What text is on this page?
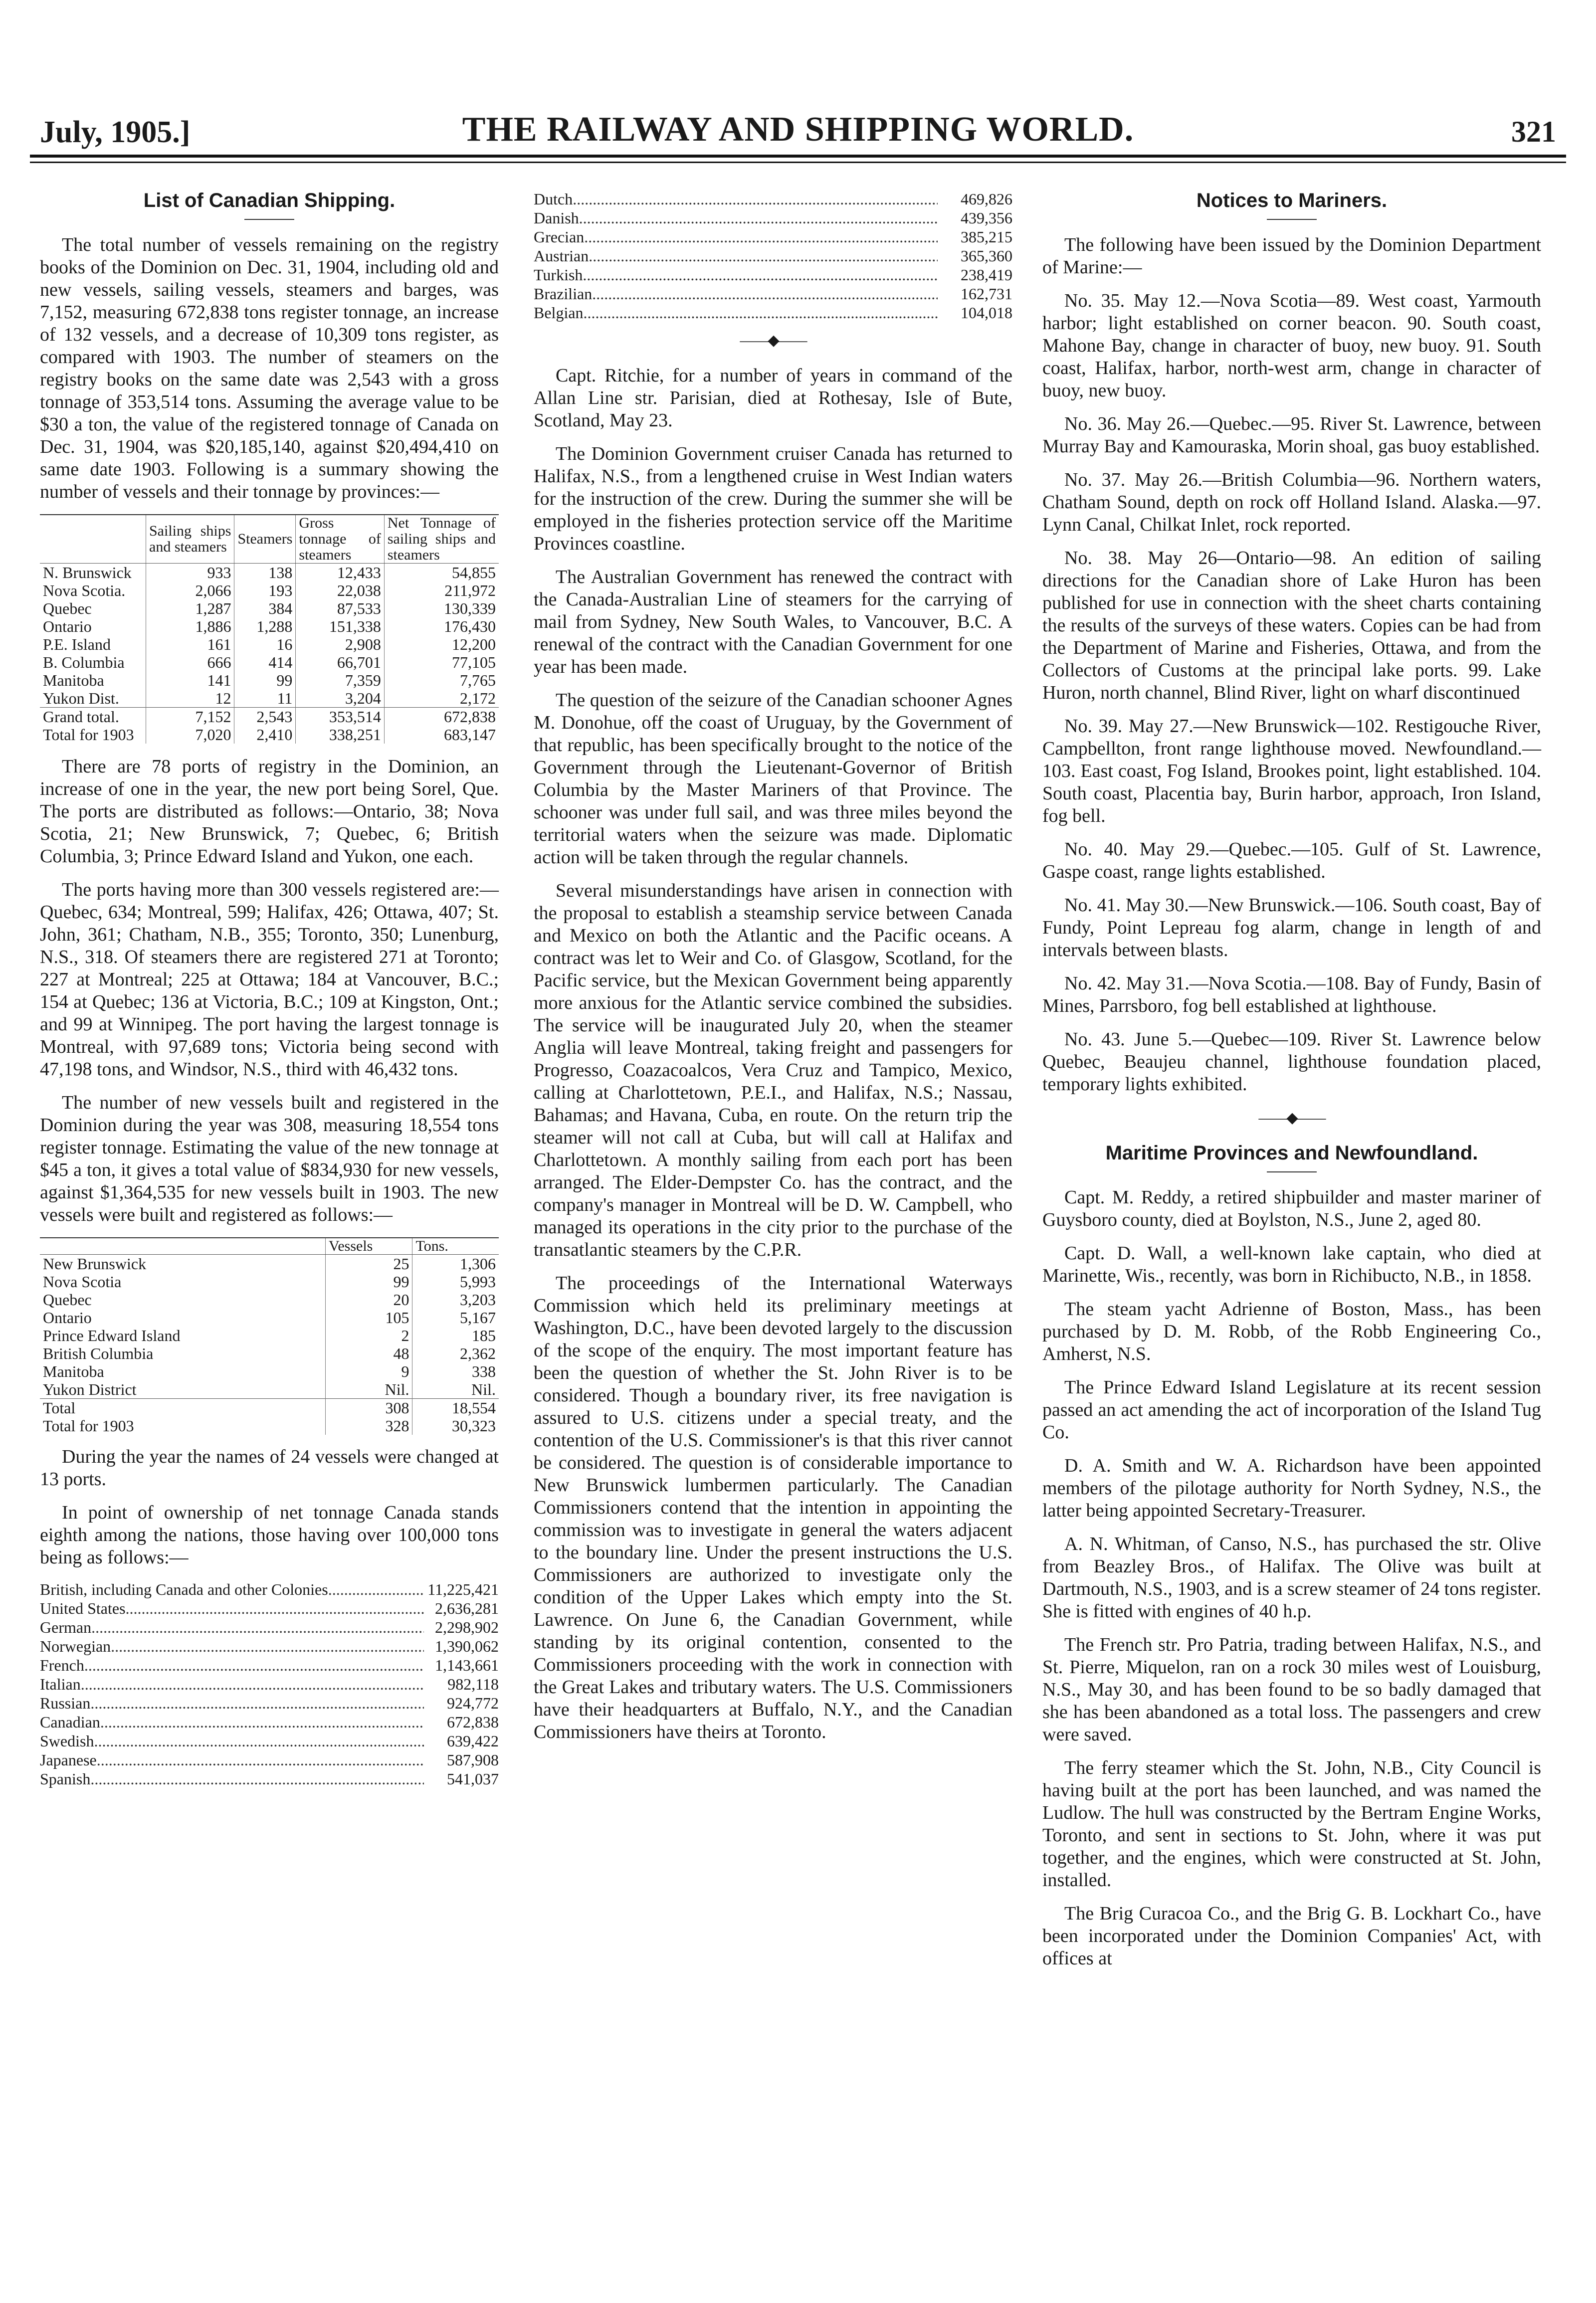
July, 1905.]	THE RAILWAY AND SHIPPING WORLD.	321
List of Canadian Shipping.

The total number of vessels remaining on the registry books of the Dominion on Dec. 31, 1904, including old and new vessels, sailing vessels, steamers and barges, was 7,152, measuring 672,838 tons register tonnage, an increase of 132 vessels, and a decrease of 10,309 tons register, as compared with 1903. The number of steamers on the registry books on the same date was 2,543 with a gross tonnage of 353,514 tons. Assuming the average value to be $30 a ton, the value of the registered tonnage of Canada on Dec. 31, 1904, was $20,185,140, against $20,494,410 on same date 1903. Following is a summary showing the number of vessels and their tonnage by provinces:—

	Sailing ships and steamers	Steamers	Gross tonnage of steamers	Net Tonnage of sailing ships and steamers
N. Brunswick	933	138	12,433	54,855
Nova Scotia.	2,066	193	22,038	211,972
Quebec	1,287	384	87,533	130,339
Ontario	1,886	1,288	151,338	176,430
P.E. Island	161	16	2,908	12,200
B. Columbia	666	414	66,701	77,105
Manitoba	141	99	7,359	7,765
Yukon Dist.	12	11	3,204	2,172
Grand total.	7,152	2,543	353,514	672,838
Total for 1903	7,020	2,410	338,251	683,147

There are 78 ports of registry in the Dominion, an increase of one in the year, the new port being Sorel, Que. The ports are distributed as follows:—Ontario, 38; Nova Scotia, 21; New Brunswick, 7; Quebec, 6; British Columbia, 3; Prince Edward Island and Yukon, one each.

The ports having more than 300 vessels registered are:—Quebec, 634; Montreal, 599; Halifax, 426; Ottawa, 407; St. John, 361; Chatham, N.B., 355; Toronto, 350; Lunenburg, N.S., 318. Of steamers there are registered 271 at Toronto; 227 at Montreal; 225 at Ottawa; 184 at Vancouver, B.C.; 154 at Quebec; 136 at Victoria, B.C.; 109 at Kingston, Ont.; and 99 at Winnipeg. The port having the largest tonnage is Montreal, with 97,689 tons; Victoria being second with 47,198 tons, and Windsor, N.S., third with 46,432 tons.

The number of new vessels built and registered in the Dominion during the year was 308, measuring 18,554 tons register tonnage. Estimating the value of the new tonnage at $45 a ton, it gives a total value of $834,930 for new vessels, against $1,364,535 for new vessels built in 1903. The new vessels were built and registered as follows:—

	Vessels	Tons.
New Brunswick	25	1,306
Nova Scotia	99	5,993
Quebec	20	3,203
Ontario	105	5,167
Prince Edward Island	2	185
British Columbia	48	2,362
Manitoba	9	338
Yukon District	Nil.	Nil.
Total	308	18,554
Total for 1903	328	30,323

During the year the names of 24 vessels were changed at 13 ports.

In point of ownership of net tonnage Canada stands eighth among the nations, those having over 100,000 tons being as follows:—

British, including Canada and other Colonies .....	11,225,421
United States .....	2,636,281
German .....	2,298,902
Norwegian .....	1,390,062
French .....	1,143,661
Italian .....	982,118
Russian .....	924,772
Canadian .....	672,838
Swedish .....	639,422
Japanese .....	587,908
Spanish .....	541,037
Dutch .....	469,826
Danish .....	439,356
Grecian .....	385,215
Austrian .....	365,360
Turkish .....	238,419
Brazilian .....	162,731
Belgian .....	104,018
——◆——

Capt. Ritchie, for a number of years in command of the Allan Line str. Parisian, died at Rothesay, Isle of Bute, Scotland, May 23.

The Dominion Government cruiser Canada has returned to Halifax, N.S., from a lengthened cruise in West Indian waters for the instruction of the crew. During the summer she will be employed in the fisheries protection service off the Maritime Provinces coastline.

The Australian Government has renewed the contract with the Canada-Australian Line of steamers for the carrying of mail from Sydney, New South Wales, to Vancouver, B.C. A renewal of the contract with the Canadian Government for one year has been made.

The question of the seizure of the Canadian schooner Agnes M. Donohue, off the coast of Uruguay, by the Government of that republic, has been specifically brought to the notice of the Government through the Lieutenant-Governor of British Columbia by the Master Mariners of that Province. The schooner was under full sail, and was three miles beyond the territorial waters when the seizure was made. Diplomatic action will be taken through the regular channels.

Several misunderstandings have arisen in connection with the proposal to establish a steamship service between Canada and Mexico on both the Atlantic and the Pacific oceans. A contract was let to Weir and Co. of Glasgow, Scotland, for the Pacific service, but the Mexican Government being apparently more anxious for the Atlantic service combined the subsidies. The service will be inaugurated July 20, when the steamer Anglia will leave Montreal, taking freight and passengers for Progresso, Coazacoalcos, Vera Cruz and Tampico, Mexico, calling at Charlottetown, P.E.I., and Halifax, N.S.; Nassau, Bahamas; and Havana, Cuba, en route. On the return trip the steamer will not call at Cuba, but will call at Halifax and Charlottetown. A monthly sailing from each port has been arranged. The Elder-Dempster Co. has the contract, and the company's manager in Montreal will be D. W. Campbell, who managed its operations in the city prior to the purchase of the transatlantic steamers by the C.P.R.

The proceedings of the International Waterways Commission which held its preliminary meetings at Washington, D.C., have been devoted largely to the discussion of the scope of the enquiry. The most important feature has been the question of whether the St. John River is to be considered. Though a boundary river, its free navigation is assured to U.S. citizens under a special treaty, and the contention of the U.S. Commissioner's is that this river cannot be considered. The question is of considerable importance to New Brunswick lumbermen particularly. The Canadian Commissioners contend that the intention in appointing the commission was to investigate in general the waters adjacent to the boundary line. Under the present instructions the U.S. Commissioners are authorized to investigate only the condition of the Upper Lakes which empty into the St. Lawrence. On June 6, the Canadian Government, while standing by its original contention, consented to the Commissioners proceeding with the work in connection with the Great Lakes and tributary waters. The U.S. Commissioners have their headquarters at Buffalo, N.Y., and the Canadian Commissioners have theirs at Toronto.

Notices to Mariners.

The following have been issued by the Dominion Department of Marine:—

No. 35. May 12.—Nova Scotia—89. West coast, Yarmouth harbor; light established on corner beacon. 90. South coast, Mahone Bay, change in character of buoy, new buoy. 91. South coast, Halifax, harbor, north-west arm, change in character of buoy, new buoy.

No. 36. May 26.—Quebec.—95. River St. Lawrence, between Murray Bay and Kamouraska, Morin shoal, gas buoy established.

No. 37. May 26.—British Columbia—96. Northern waters, Chatham Sound, depth on rock off Holland Island. Alaska.—97. Lynn Canal, Chilkat Inlet, rock reported.

No. 38. May 26—Ontario—98. An edition of sailing directions for the Canadian shore of Lake Huron has been published for use in connection with the sheet charts containing the results of the surveys of these waters. Copies can be had from the Department of Marine and Fisheries, Ottawa, and from the Collectors of Customs at the principal lake ports. 99. Lake Huron, north channel, Blind River, light on wharf discontinued

No. 39. May 27.—New Brunswick—102. Restigouche River, Campbellton, front range lighthouse moved. Newfoundland.—103. East coast, Fog Island, Brookes point, light established. 104. South coast, Placentia bay, Burin harbor, approach, Iron Island, fog bell.

No. 40. May 29.—Quebec.—105. Gulf of St. Lawrence, Gaspe coast, range lights established.

No. 41. May 30.—New Brunswick.—106. South coast, Bay of Fundy, Point Lepreau fog alarm, change in length of and intervals between blasts.

No. 42. May 31.—Nova Scotia.—108. Bay of Fundy, Basin of Mines, Parrsboro, fog bell established at lighthouse.

No. 43. June 5.—Quebec—109. River St. Lawrence below Quebec, Beaujeu channel, lighthouse foundation placed, temporary lights exhibited.

——◆——
Maritime Provinces and Newfoundland.

Capt. M. Reddy, a retired shipbuilder and master mariner of Guysboro county, died at Boylston, N.S., June 2, aged 80.

Capt. D. Wall, a well-known lake captain, who died at Marinette, Wis., recently, was born in Richibucto, N.B., in 1858.

The steam yacht Adrienne of Boston, Mass., has been purchased by D. M. Robb, of the Robb Engineering Co., Amherst, N.S.

The Prince Edward Island Legislature at its recent session passed an act amending the act of incorporation of the Island Tug Co.

D. A. Smith and W. A. Richardson have been appointed members of the pilotage authority for North Sydney, N.S., the latter being appointed Secretary-Treasurer.

A. N. Whitman, of Canso, N.S., has purchased the str. Olive from Beazley Bros., of Halifax. The Olive was built at Dartmouth, N.S., 1903, and is a screw steamer of 24 tons register. She is fitted with engines of 40 h.p.

The French str. Pro Patria, trading between Halifax, N.S., and St. Pierre, Miquelon, ran on a rock 30 miles west of Louisburg, N.S., May 30, and has been found to be so badly damaged that she has been abandoned as a total loss. The passengers and crew were saved.

The ferry steamer which the St. John, N.B., City Council is having built at the port has been launched, and was named the Ludlow. The hull was constructed by the Bertram Engine Works, Toronto, and sent in sections to St. John, where it was put together, and the engines, which were constructed at St. John, installed.

The Brig Curacoa Co., and the Brig G. B. Lockhart Co., have been incorporated under the Dominion Companies' Act, with offices at
